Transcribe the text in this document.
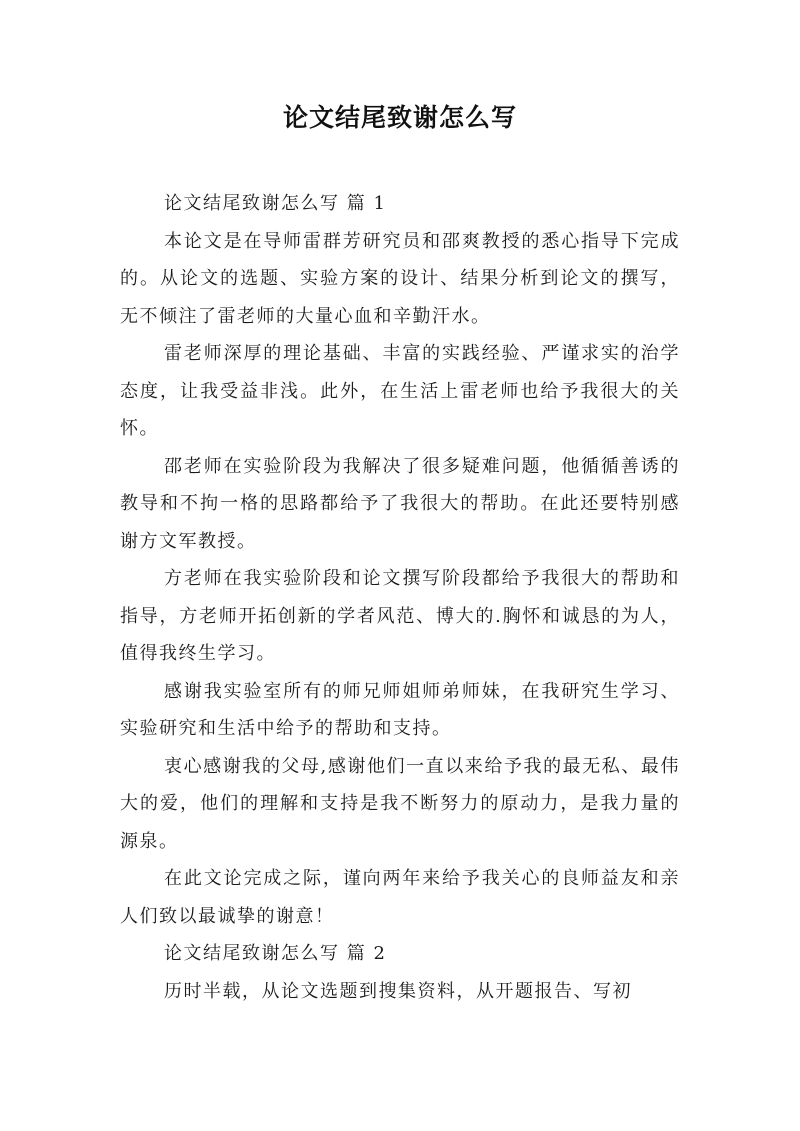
论文结尾致谢怎么写

论文结尾致谢怎么写 篇 1

本论文是在导师雷群芳研究员和邵爽教授的悉心指导下完成的。从论文的选题、实验方案的设计、结果分析到论文的撰写，无不倾注了雷老师的大量心血和辛勤汗水。

雷老师深厚的理论基础、丰富的实践经验、严谨求实的治学态度，让我受益非浅。此外，在生活上雷老师也给予我很大的关怀。

邵老师在实验阶段为我解决了很多疑难问题，他循循善诱的教导和不拘一格的思路都给予了我很大的帮助。在此还要特别感谢方文军教授。

方老师在我实验阶段和论文撰写阶段都给予我很大的帮助和指导，方老师开拓创新的学者风范、博大的.胸怀和诚恳的为人，值得我终生学习。

感谢我实验室所有的师兄师姐师弟师妹，在我研究生学习、实验研究和生活中给予的帮助和支持。

衷心感谢我的父母,感谢他们一直以来给予我的最无私、最伟大的爱，他们的理解和支持是我不断努力的原动力，是我力量的源泉。

在此文论完成之际，谨向两年来给予我关心的良师益友和亲人们致以最诚挚的谢意！

论文结尾致谢怎么写 篇 2

历时半载，从论文选题到搜集资料，从开题报告、写初
